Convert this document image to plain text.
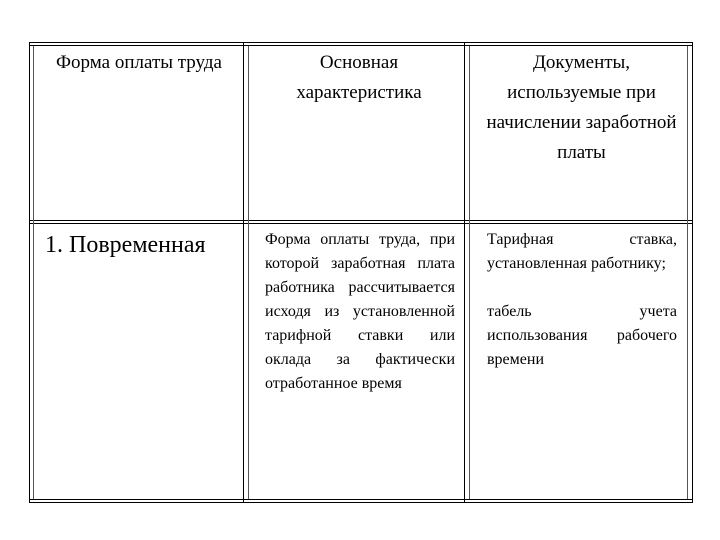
Форма оплаты труда	Основная характеристика
Документы, используемые при начислении заработной платы
1. Повременная	Форма оплаты труда, при которой заработная плата работника рассчитывается исходя из установленной тарифной ставки или оклада за фактически отработанное время

Тарифная ставка, установленная работнику;

табель учета использования рабочего времени
